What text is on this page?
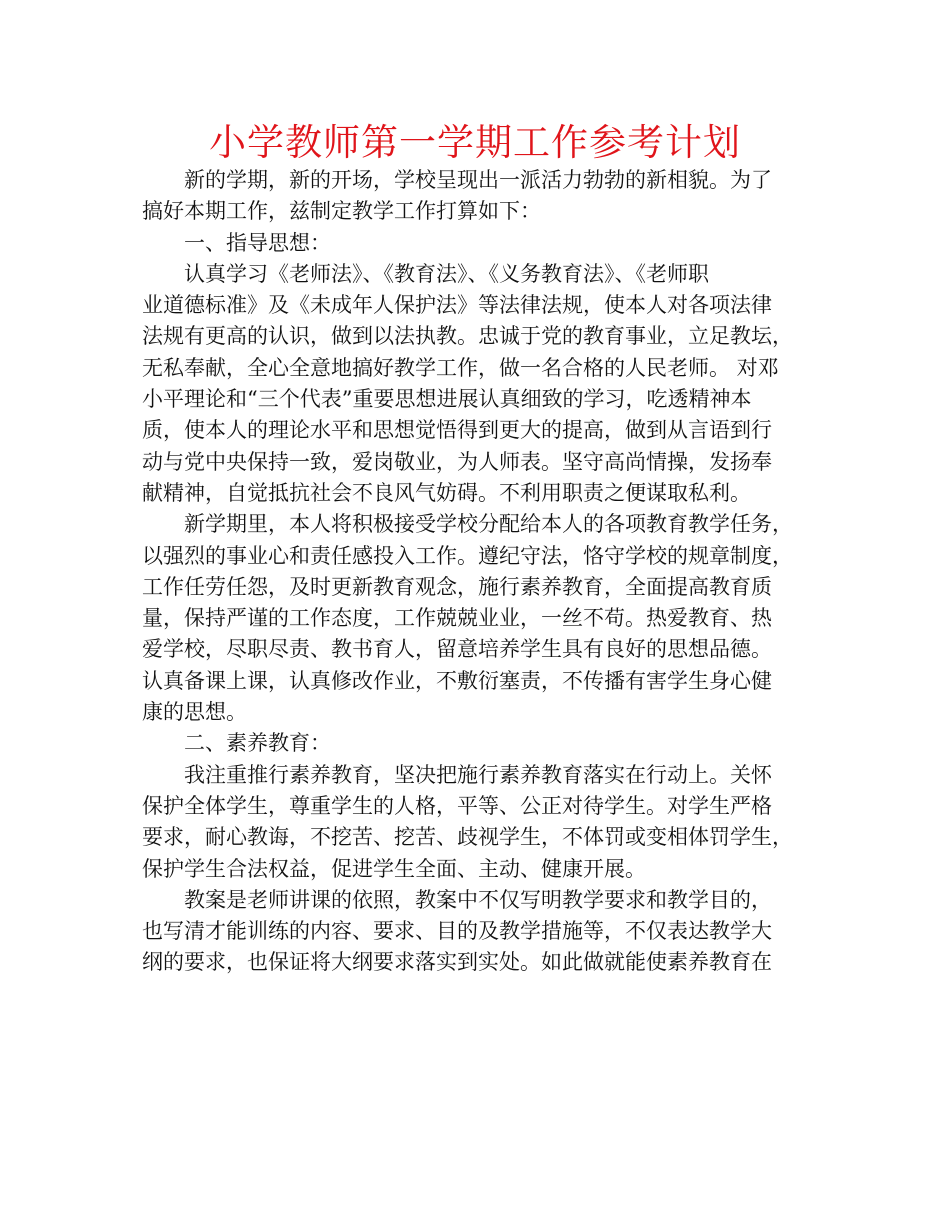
小学教师第一学期工作参考计划
新的学期，新的开场，学校呈现出一派活力勃勃的新相貌。为了
搞好本期工作，兹制定教学工作打算如下：
一、指导思想：
认真学习《老师法》、《教育法》、《义务教育法》、《老师职
业道德标准》及《未成年人保护法》等法律法规，使本人对各项法律
法规有更高的认识，做到以法执教。忠诚于党的教育事业，立足教坛，
无私奉献，全心全意地搞好教学工作，做一名合格的人民老师。 对邓
小平理论和“三个代表”重要思想进展认真细致的学习，吃透精神本
质，使本人的理论水平和思想觉悟得到更大的提高，做到从言语到行
动与党中央保持一致，爱岗敬业，为人师表。坚守高尚情操，发扬奉
献精神，自觉抵抗社会不良风气妨碍。不利用职责之便谋取私利。
新学期里，本人将积极接受学校分配给本人的各项教育教学任务，
以强烈的事业心和责任感投入工作。遵纪守法，恪守学校的规章制度，
工作任劳任怨，及时更新教育观念，施行素养教育，全面提高教育质
量，保持严谨的工作态度，工作兢兢业业，一丝不苟。热爱教育、热
爱学校，尽职尽责、教书育人，留意培养学生具有良好的思想品德。
认真备课上课，认真修改作业，不敷衍塞责，不传播有害学生身心健
康的思想。
二、素养教育：
我注重推行素养教育，坚决把施行素养教育落实在行动上。关怀
保护全体学生，尊重学生的人格，平等、公正对待学生。对学生严格
要求，耐心教诲，不挖苦、挖苦、歧视学生，不体罚或变相体罚学生，
保护学生合法权益，促进学生全面、主动、健康开展。
教案是老师讲课的依照，教案中不仅写明教学要求和教学目的，
也写清才能训练的内容、要求、目的及教学措施等，不仅表达教学大
纲的要求，也保证将大纲要求落实到实处。如此做就能使素养教育在
